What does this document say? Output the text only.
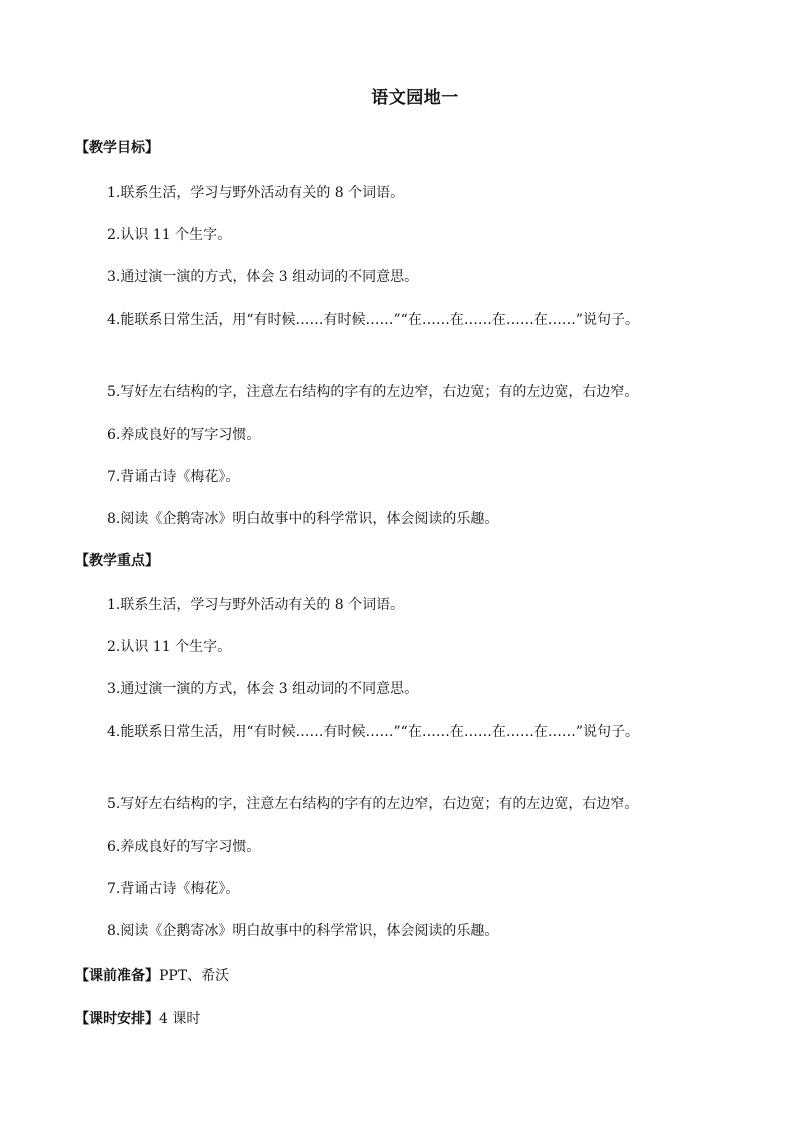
语文园地一
【教学目标】

1.联系生活，学习与野外活动有关的 8 个词语。

2.认识 11 个生字。

3.通过演一演的方式，体会 3 组动词的不同意思。

4.能联系日常生活，用“有时候……有时候……”“在……在……在……在……”说句子。

5.写好左右结构的字，注意左右结构的字有的左边窄，右边宽；有的左边宽，右边窄。

6.养成良好的写字习惯。

7.背诵古诗《梅花》。

8.阅读《企鹅寄冰》明白故事中的科学常识，体会阅读的乐趣。

【教学重点】

1.联系生活，学习与野外活动有关的 8 个词语。

2.认识 11 个生字。

3.通过演一演的方式，体会 3 组动词的不同意思。

4.能联系日常生活，用“有时候……有时候……”“在……在……在……在……”说句子。

5.写好左右结构的字，注意左右结构的字有的左边窄，右边宽；有的左边宽，右边窄。

6.养成良好的写字习惯。

7.背诵古诗《梅花》。

8.阅读《企鹅寄冰》明白故事中的科学常识，体会阅读的乐趣。

【课前准备】PPT、希沃
【课时安排】4 课时
